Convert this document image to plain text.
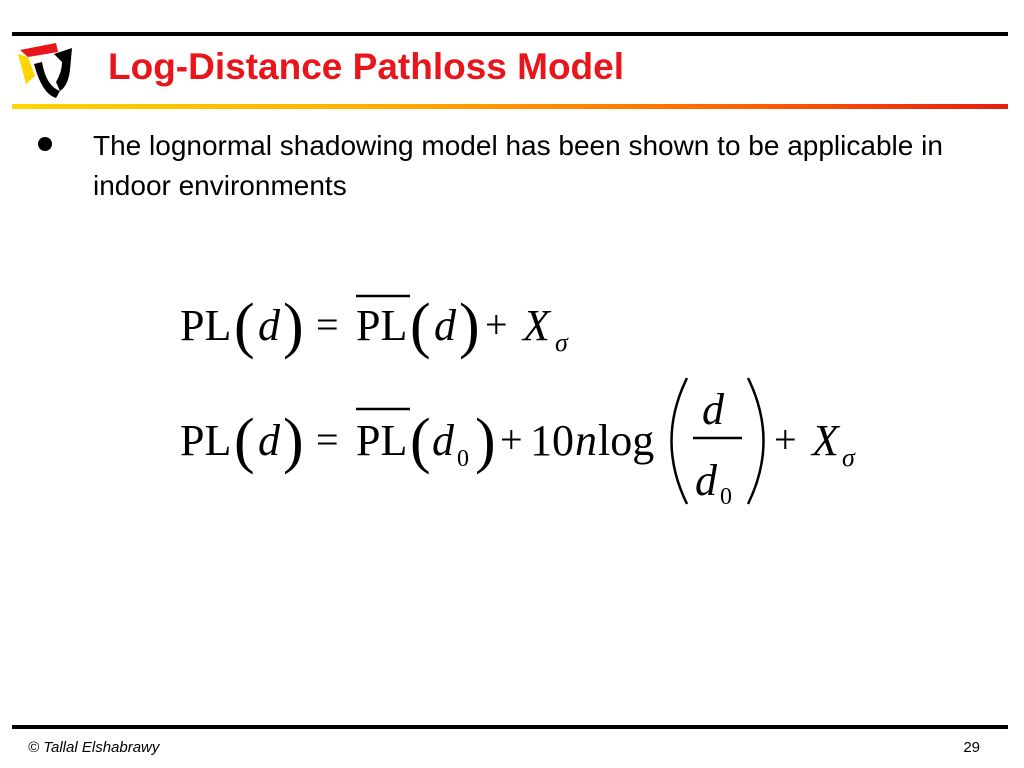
Log-Distance Pathloss Model

The lognormal shadowing model has been shown to be applicable in indoor environments

PL ( d ) = PL ( d ) + X σ
PL ( d ) = PL ( d 0 ) + 10 n log
d
d 0
+ X σ
© Tallal Elshabrawy	29
